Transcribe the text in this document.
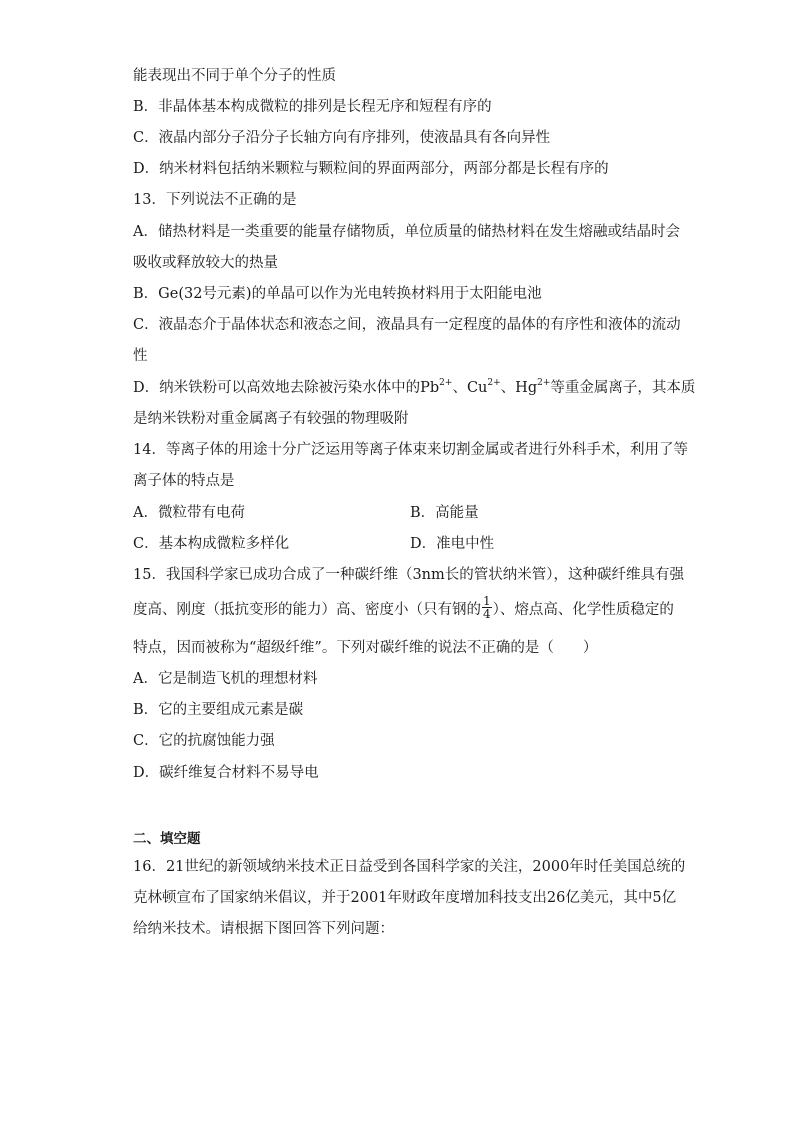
能表现出不同于单个分子的性质
B．非晶体基本构成微粒的排列是长程无序和短程有序的
C．液晶内部分子沿分子长轴方向有序排列，使液晶具有各向异性
D．纳米材料包括纳米颗粒与颗粒间的界面两部分，两部分都是长程有序的
13．下列说法不正确的是
A．储热材料是一类重要的能量存储物质，单位质量的储热材料在发生熔融或结晶时会
吸收或释放较大的热量
B．Ge(32号元素)的单晶可以作为光电转换材料用于太阳能电池
C．液晶态介于晶体状态和液态之间，液晶具有一定程度的晶体的有序性和液体的流动
性
D．纳米铁粉可以高效地去除被污染水体中的$Pb^{2+}$、$Cu^{2+}$、$Hg^{2+}$等重金属离子，其本质
是纳米铁粉对重金属离子有较强的物理吸附
14．等离子体的用途十分广泛运用等离子体束来切割金属或者进行外科手术，利用了等
离子体的特点是
A．微粒带有电荷	B．高能量
C．基本构成微粒多样化	D．准电中性
15．我国科学家已成功合成了一种碳纤维（3nm长的管状纳米管），这种碳纤维具有强
度高、刚度（抵抗变形的能力）高、密度小（只有钢的 $\frac{1}{4}$ ）、熔点高、化学性质稳定的
特点，因而被称为“超级纤维”。下列对碳纤维的说法不正确的是（　　）
A．它是制造飞机的理想材料
B．它的主要组成元素是碳
C．它的抗腐蚀能力强
D．碳纤维复合材料不易导电
二、填空题
16．21世纪的新领域纳米技术正日益受到各国科学家的关注，2000年时任美国总统的
克林顿宣布了国家纳米倡议，并于2001年财政年度增加科技支出26亿美元，其中5亿
给纳米技术。请根据下图回答下列问题：
